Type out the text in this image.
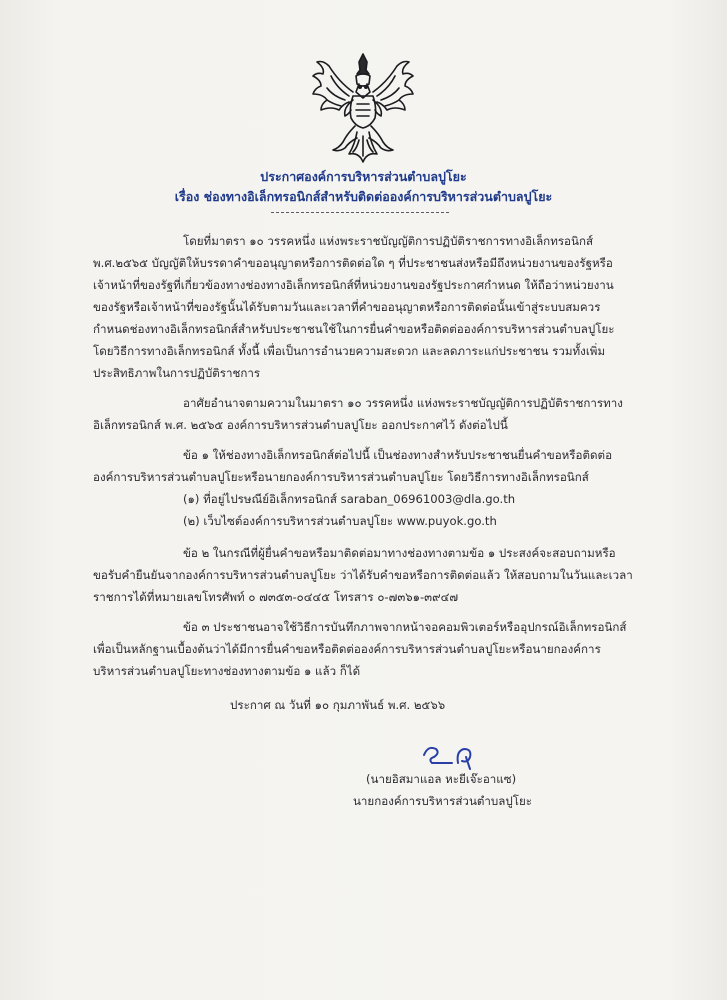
ประกาศองค์การบริหารส่วนตำบลปูโยะ
เรื่อง ช่องทางอิเล็กทรอนิกส์สำหรับติดต่อองค์การบริหารส่วนตำบลปูโยะ
โดยที่มาตรา ๑๐ วรรคหนึ่ง แห่งพระราชบัญญัติการปฏิบัติราชการทางอิเล็กทรอนิกส์
พ.ศ.๒๕๖๕ บัญญัติให้บรรดาคำขออนุญาตหรือการติดต่อใด ๆ ที่ประชาชนส่งหรือมีถึงหน่วยงานของรัฐหรือ
เจ้าหน้าที่ของรัฐที่เกี่ยวข้องทางช่องทางอิเล็กทรอนิกส์ที่หน่วยงานของรัฐประกาศกำหนด ให้ถือว่าหน่วยงาน
ของรัฐหรือเจ้าหน้าที่ของรัฐนั้นได้รับตามวันและเวลาที่คำขออนุญาตหรือการติดต่อนั้นเข้าสู่ระบบสมควร
กำหนดช่องทางอิเล็กทรอนิกส์สำหรับประชาชนใช้ในการยื่นคำขอหรือติดต่อองค์การบริหารส่วนตำบลปูโยะ
โดยวิธีการทางอิเล็กทรอนิกส์ ทั้งนี้ เพื่อเป็นการอำนวยความสะดวก และลดภาระแก่ประชาชน รวมทั้งเพิ่ม
ประสิทธิภาพในการปฏิบัติราชการ
อาศัยอำนาจตามความในมาตรา ๑๐ วรรคหนึ่ง แห่งพระราชบัญญัติการปฏิบัติราชการทาง
อิเล็กทรอนิกส์ พ.ศ. ๒๕๖๕ องค์การบริหารส่วนตำบลปูโยะ ออกประกาศไว้ ดังต่อไปนี้
ข้อ ๑ ให้ช่องทางอิเล็กทรอนิกส์ต่อไปนี้ เป็นช่องทางสำหรับประชาชนยื่นคำขอหรือติดต่อ
องค์การบริหารส่วนตำบลปูโยะหรือนายกองค์การบริหารส่วนตำบลปูโยะ โดยวิธีการทางอิเล็กทรอนิกส์
(๑) ที่อยู่ไปรษณีย์อิเล็กทรอนิกส์ saraban_06961003@dla.go.th
(๒) เว็บไซต์องค์การบริหารส่วนตำบลปูโยะ www.puyok.go.th
ข้อ ๒ ในกรณีที่ผู้ยื่นคำขอหรือมาติดต่อมาทางช่องทางตามข้อ ๑ ประสงค์จะสอบถามหรือ
ขอรับคำยืนยันจากองค์การบริหารส่วนตำบลปูโยะ ว่าได้รับคำขอหรือการติดต่อแล้ว ให้สอบถามในวันและเวลา
ราชการได้ที่หมายเลขโทรศัพท์ ๐ ๗๓๕๓-๐๔๔๕ โทรสาร ๐-๗๓๖๑-๓๙๔๗
ข้อ ๓ ประชาชนอาจใช้วิธีการบันทึกภาพจากหน้าจอคอมพิวเตอร์หรืออุปกรณ์อิเล็กทรอนิกส์
เพื่อเป็นหลักฐานเบื้องต้นว่าได้มีการยื่นคำขอหรือติดต่อองค์การบริหารส่วนตำบลปูโยะหรือนายกองค์การ
บริหารส่วนตำบลปูโยะทางช่องทางตามข้อ ๑ แล้ว ก็ได้
ประกาศ ณ วันที่ ๑๐ กุมภาพันธ์ พ.ศ. ๒๕๖๖
(นายอิสมาแอล หะยีเจ๊ะอาแซ)
นายกองค์การบริหารส่วนตำบลปูโยะ
